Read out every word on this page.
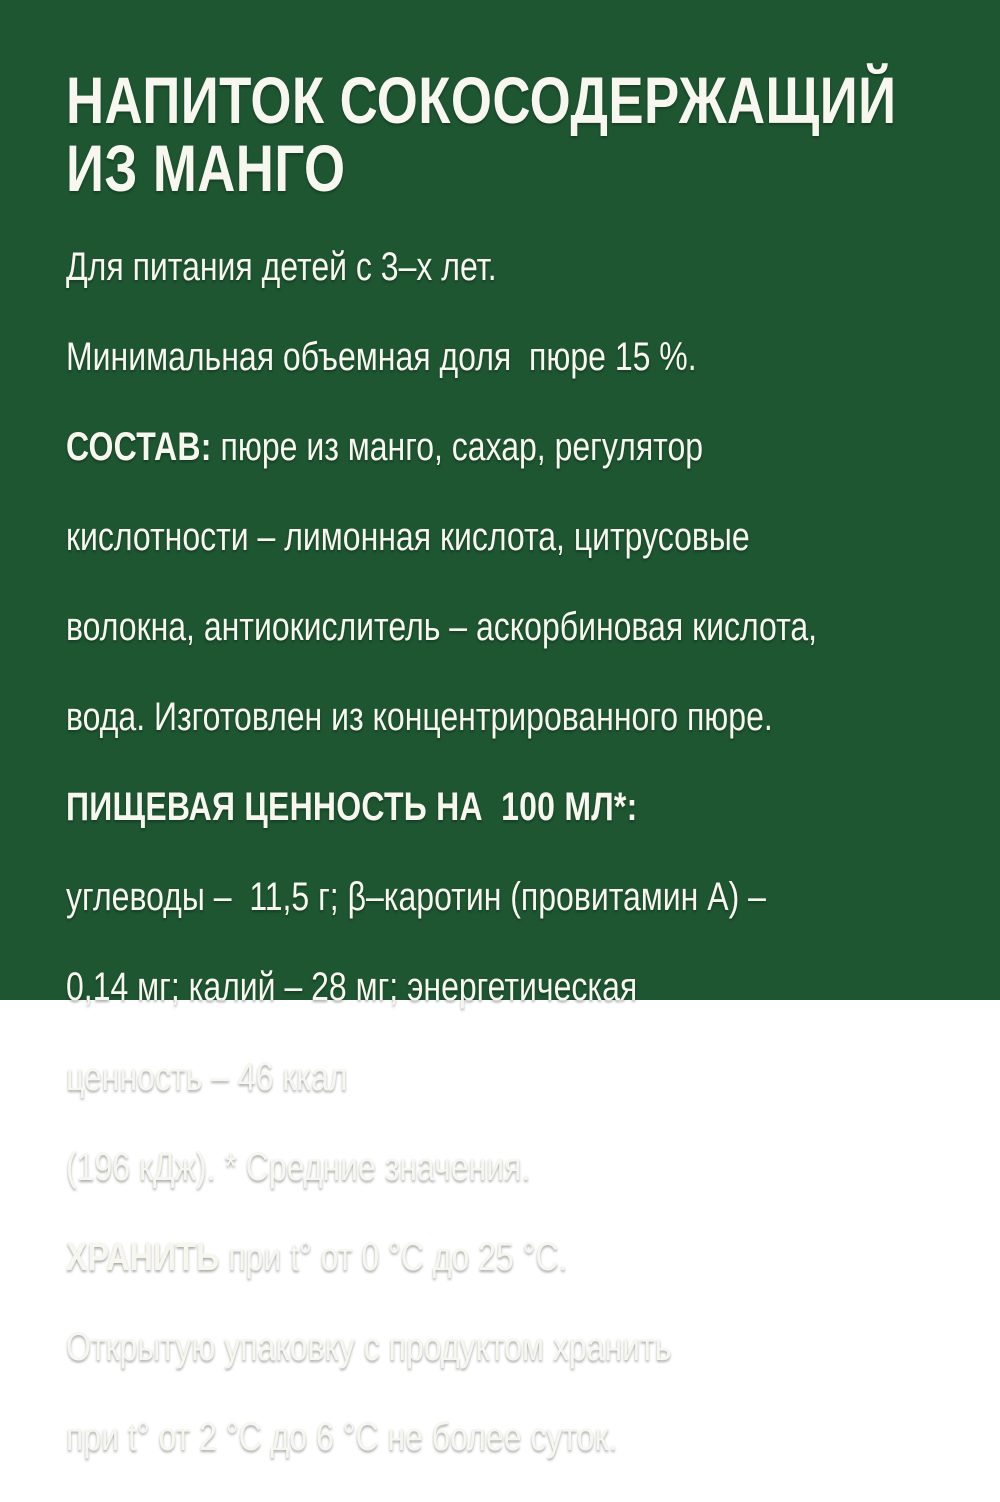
НАПИТОК СОКОСОДЕРЖАЩИЙ
ИЗ МАНГО

Для питания детей с 3–х лет.

Минимальная объемная доля  пюре 15 %.

СОСТАВ: пюре из манго, сахар, регулятор

кислотности – лимонная кислота, цитрусовые

волокна, антиокислитель – аскорбиновая кислота,

вода. Изготовлен из концентрированного пюре.

ПИЩЕВАЯ ЦЕННОСТЬ НА  100 МЛ*:

углеводы –  11,5 г; β–каротин (провитамин А) –

0,14 мг; калий – 28 мг; энергетическая

ценность – 46 ккал

(196 кДж). * Средние значения.

ХРАНИТЬ при t° от 0 °С до 25 °С.

Открытую упаковку с продуктом хранить

при t° от 2 °С до 6 °С не более суток.
